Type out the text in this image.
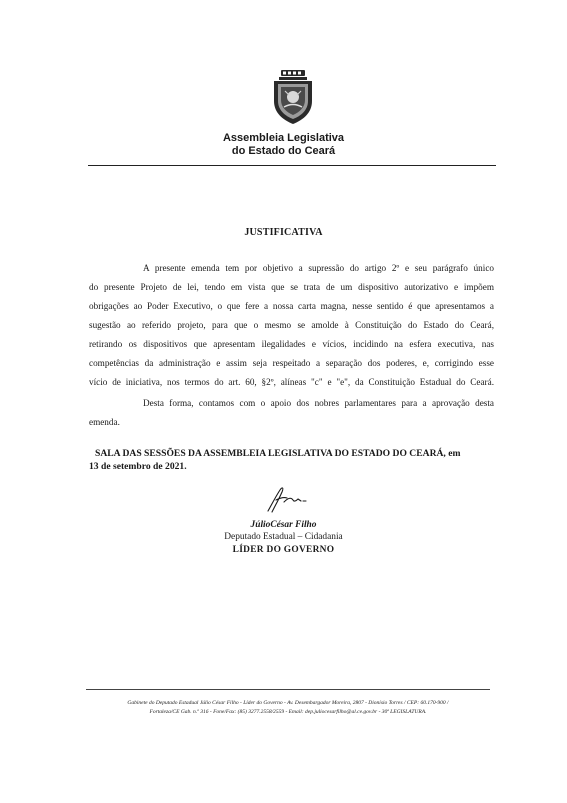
Assembleia Legislativa
do Estado do Ceará
JUSTIFICATIVA
A presente emenda tem por objetivo a supressão do artigo 2º e seu parágrafo único
do presente Projeto de lei, tendo em vista que se trata de um dispositivo autorizativo e impõem
obrigações ao Poder Executivo, o que fere a nossa carta magna, nesse sentido é que apresentamos a
sugestão ao referido projeto, para que o mesmo se amolde à Constituição do Estado do Ceará,
retirando os dispositivos que apresentam ilegalidades e vícios, incidindo na esfera executiva, nas
competências da administração e assim seja respeitado a separação dos poderes, e, corrigindo esse
vício de iniciativa, nos termos do art. 60, §2º, alíneas "c" e "e", da Constituição Estadual do Ceará.
Desta forma, contamos com o apoio dos nobres parlamentares para a aprovação desta
emenda.
SALA DAS SESSÕES DA ASSEMBLEIA LEGISLATIVA DO ESTADO DO CEARÁ, em
13 de setembro de 2021.
JúlioCésar Filho
Deputado Estadual – Cidadania
LÍDER DO GOVERNO
Gabinete do Deputado Estadual Júlio César Filho - Líder do Governo - Av. Desembargador Moreira, 2807 - Dionísio Torres / CEP: 60.170-900 /
Fortaleza/CE Gab. n.º 316 - Fone/Fax: (85) 3277.2558/2559 - Email: dep.juliocesarfilho@al.ce.gov.br - 30ª LEGISLATURA.
